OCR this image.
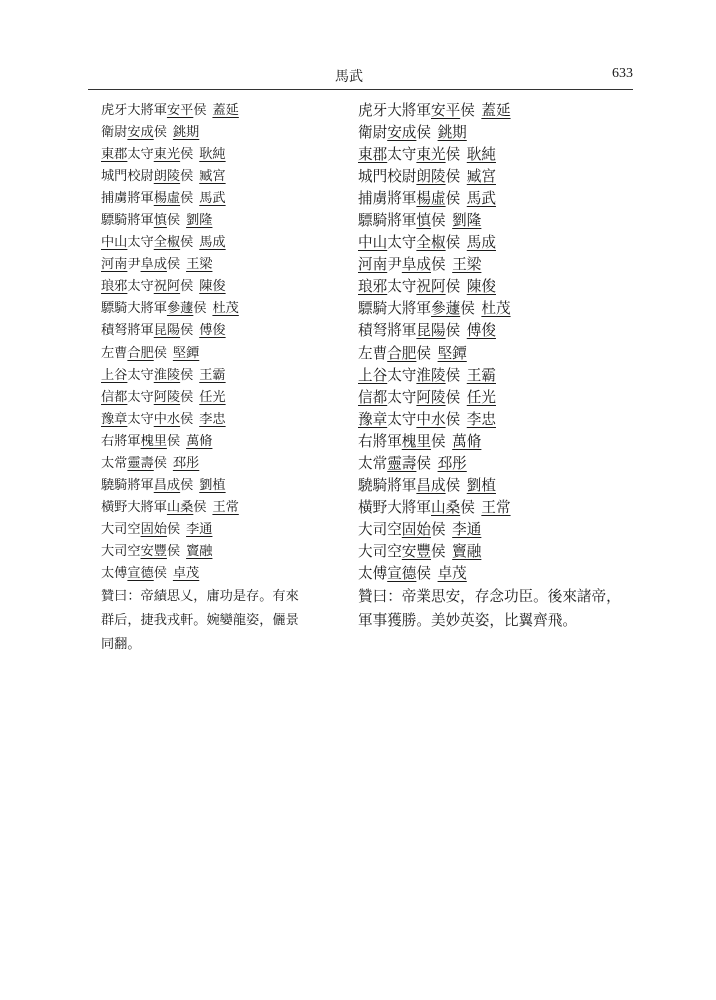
馬武	633
虎牙大將軍安平侯 蓋延
衛尉安成侯 銚期
東郡太守東光侯 耿純
城門校尉朗陵侯 臧宮
捕虜將軍楊虛侯 馬武
驃騎將軍慎侯 劉隆
中山太守全椒侯 馬成
河南尹阜成侯 王梁
琅邪太守祝阿侯 陳俊
驃騎大將軍參蘧侯 杜茂
積弩將軍昆陽侯 傅俊
左曹合肥侯 堅鐔
上谷太守淮陵侯 王霸
信都太守阿陵侯 任光
豫章太守中水侯 李忠
右將軍槐里侯 萬脩
太常靈壽侯 邳彤
驍騎將軍昌成侯 劉植
橫野大將軍山桑侯 王常
大司空固始侯 李通
大司空安豐侯 竇融
太傅宣德侯 卓茂
虎牙大將軍安平侯 蓋延
衛尉安成侯 銚期
東郡太守東光侯 耿純
城門校尉朗陵侯 臧宮
捕虜將軍楊虛侯 馬武
驃騎將軍慎侯 劉隆
中山太守全椒侯 馬成
河南尹阜成侯 王梁
琅邪太守祝阿侯 陳俊
驃騎大將軍參蘧侯 杜茂
積弩將軍昆陽侯 傅俊
左曹合肥侯 堅鐔
上谷太守淮陵侯 王霸
信都太守阿陵侯 任光
豫章太守中水侯 李忠
右將軍槐里侯 萬脩
太常靈壽侯 邳彤
驍騎將軍昌成侯 劉植
橫野大將軍山桑侯 王常
大司空固始侯 李通
大司空安豐侯 竇融
太傅宣德侯 卓茂
贊曰：帝績思乂，庸功是存。有來群后，捷我戎軒。婉孌龍姿，儷景同翻。
贊曰：帝業思安，存念功臣。後來諸帝，軍事獲勝。美妙英姿，比翼齊飛。
